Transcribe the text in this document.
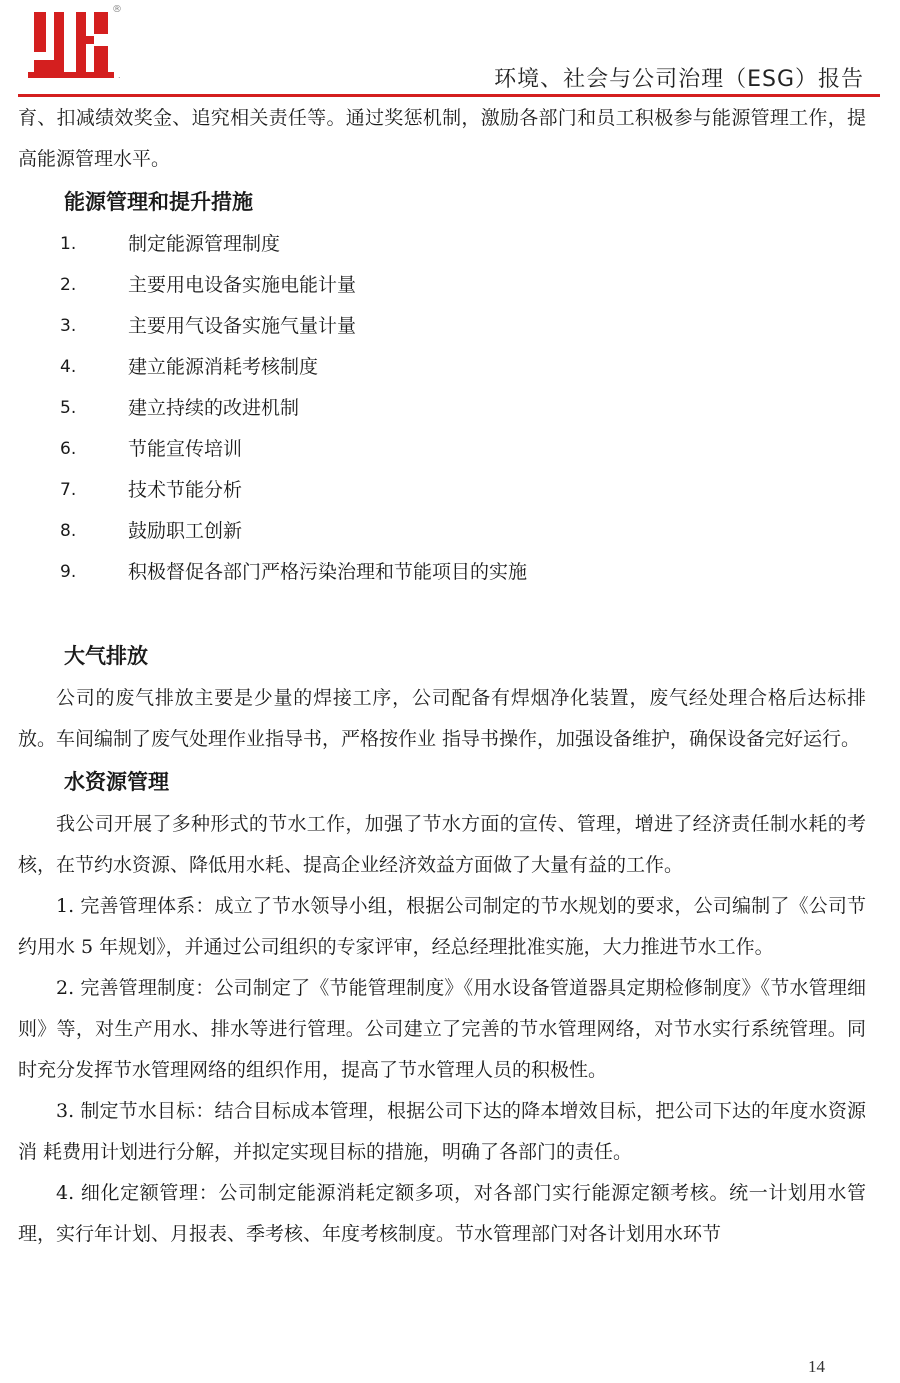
®
.	环境、社会与公司治理（ESG）报告

育、扣减绩效奖金、追究相关责任等。通过奖惩机制，激励各部门和员工积极参与能源管理工作，提高能源管理水平。

能源管理和提升措施
1.	制定能源管理制度
2.	主要用电设备实施电能计量
3.	主要用气设备实施气量计量
4.	建立能源消耗考核制度
5.	建立持续的改进机制
6.	节能宣传培训
7.	技术节能分析
8.	鼓励职工创新
9.	积极督促各部门严格污染治理和节能项目的实施
大气排放

公司的废气排放主要是少量的焊接工序，公司配备有焊烟净化装置，废气经处理合格后达标排放。车间编制了废气处理作业指导书，严格按作业 指导书操作，加强设备维护，确保设备完好运行。

水资源管理

我公司开展了多种形式的节水工作，加强了节水方面的宣传、管理，增进了经济责任制水耗的考核，在节约水资源、降低用水耗、提高企业经济效益方面做了大量有益的工作。

1. 完善管理体系：成立了节水领导小组，根据公司制定的节水规划的要求，公司编制了《公司节约用水 5 年规划》，并通过公司组织的专家评审，经总经理批准实施，大力推进节水工作。

2. 完善管理制度：公司制定了《节能管理制度》《用水设备管道器具定期检修制度》《节水管理细则》等，对生产用水、排水等进行管理。公司建立了完善的节水管理网络，对节水实行系统管理。同时充分发挥节水管理网络的组织作用，提高了节水管理人员的积极性。

3. 制定节水目标：结合目标成本管理，根据公司下达的降本增效目标，把公司下达的年度水资源消 耗费用计划进行分解，并拟定实现目标的措施，明确了各部门的责任。

4. 细化定额管理：公司制定能源消耗定额多项，对各部门实行能源定额考核。统一计划用水管理，实行年计划、月报表、季考核、年度考核制度。节水管理部门对各计划用水环节

14
